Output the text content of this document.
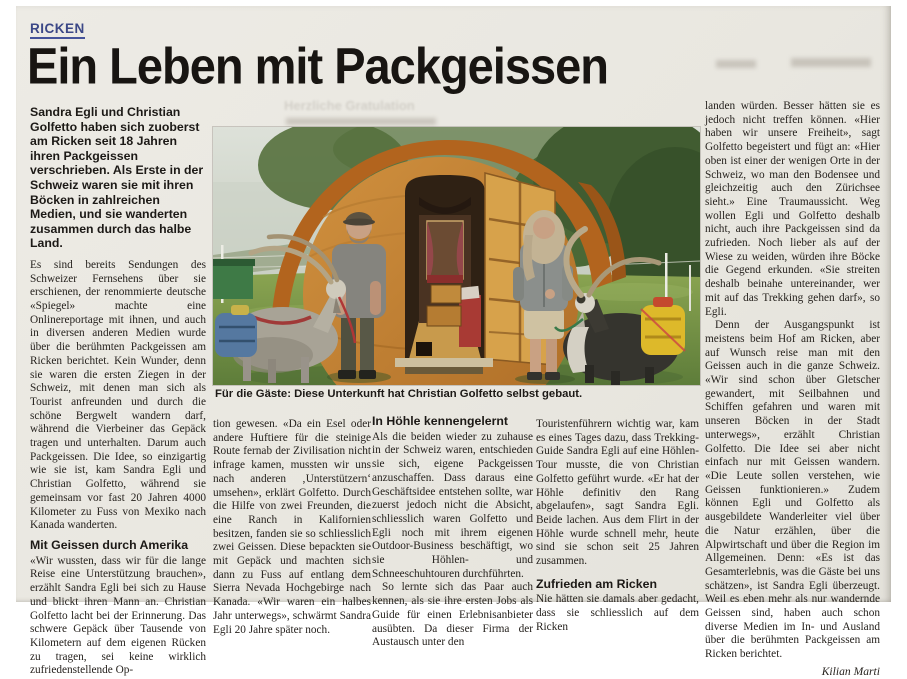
RICKEN
Ein Leben mit Packgeissen
Herzliche Gratulation
Sandra Egli und Christian Golfetto haben sich zuoberst am Ricken seit 18 Jahren ihren Packgeissen verschrieben. Als Erste in der Schweiz waren sie mit ihren Böcken in zahlreichen Medien, und sie wanderten zusammen durch das halbe Land.

Es sind bereits Sendungen des Schweizer Fernsehens über sie erschienen, der renommierte deutsche «Spiegel» machte eine Onlinereportage mit ihnen, und auch in diversen anderen Medien wurde über die berühmten Packgeissen am Ricken berichtet. Kein Wunder, denn sie waren die ersten Ziegen in der Schweiz, mit denen man sich als Tourist anfreunden und durch die schöne Bergwelt wandern darf, während die Vierbeiner das Gepäck tragen und unterhalten. Darum auch Packgeissen. Die Idee, so einzigartig wie sie ist, kam Sandra Egli und Christian Golfetto, während sie gemeinsam vor fast 20 Jahren 4000 Kilometer zu Fuss von Mexiko nach Kanada wanderten.

Mit Geissen durch Amerika

«Wir wussten, dass wir für die lange Reise eine Unterstützung brauchen», erzählt Sandra Egli bei sich zu Hause und blickt ihren Mann an. Christian Golfetto lacht bei der Erinnerung. Das schwere Gepäck über Tausende von Kilometern auf dem eigenen Rücken zu tragen, sei keine wirklich zufriedenstellende Op-

Für die Gäste: Diese Unterkunft hat Christian Golfetto selbst gebaut.

tion gewesen. «Da ein Esel oder andere Huftiere für die steinige Route fernab der Zivilisation nicht infrage kamen, mussten wir uns nach anderen ‚Unterstützern‘ umsehen», erklärt Golfetto. Durch die Hilfe von zwei Freunden, die eine Ranch in Kalifornien besitzen, fanden sie so schliesslich zwei Geissen. Diese bepackten sie mit Gepäck und machten sich dann zu Fuss auf entlang dem Sierra Nevada Hochgebirge nach Kanada. «Wir waren ein halbes Jahr unterwegs», schwärmt Sandra Egli 20 Jahre später noch.

In Höhle kennengelernt

Als die beiden wieder zu zuhause in der Schweiz waren, entschieden sie sich, eigene Packgeissen anzuschaffen. Dass daraus eine Geschäftsidee entstehen sollte, war zuerst jedoch nicht die Absicht, schliesslich waren Golfetto und Egli noch mit ihrem eigenen Outdoor-Business beschäftigt, wo sie Höhlen- und Schneeschuhtouren durchführten.

So lernte sich das Paar auch kennen, als sie ihre ersten Jobs als Guide für einen Erlebnisanbieter ausübten. Da dieser Firma der Austausch unter den

Touristenführern wichtig war, kam es eines Tages dazu, dass Trekking-Guide Sandra Egli auf eine Höhlen-Tour musste, die von Christian Golfetto geführt wurde. «Er hat der Höhle definitiv den Rang abgelaufen», sagt Sandra Egli. Beide lachen. Aus dem Flirt in der Höhle wurde schnell mehr, heute sind sie schon seit 25 Jahren zusammen.

Zufrieden am Ricken

Nie hätten sie damals aber gedacht, dass sie schliesslich auf dem Ricken

landen würden. Besser hätten sie es jedoch nicht treffen können. «Hier haben wir unsere Freiheit», sagt Golfetto begeistert und fügt an: «Hier oben ist einer der wenigen Orte in der Schweiz, wo man den Bodensee und gleichzeitig auch den Zürichsee sieht.» Eine Traumaussicht. Weg wollen Egli und Golfetto deshalb nicht, auch ihre Packgeissen sind da zufrieden. Noch lieber als auf der Wiese zu weiden, würden ihre Böcke die Gegend erkunden. «Sie streiten deshalb beinahe untereinander, wer mit auf das Trekking gehen darf», so Egli.

Denn der Ausgangspunkt ist meistens beim Hof am Ricken, aber auf Wunsch reise man mit den Geissen auch in die ganze Schweiz. «Wir sind schon über Gletscher gewandert, mit Seilbahnen und Schiffen gefahren und waren mit unseren Böcken in der Stadt unterwegs», erzählt Christian Golfetto. Die Idee sei aber nicht einfach nur mit Geissen wandern. «Die Leute sollen verstehen, wie Geissen funktionieren.» Zudem können Egli und Golfetto als ausgebildete Wanderleiter viel über die Natur erzählen, über die Alpwirtschaft und über die Region im Allgemeinen. Denn: «Es ist das Gesamterlebnis, was die Gäste bei uns schätzen», ist Sandra Egli überzeugt. Weil es eben mehr als nur wandernde Geissen sind, haben auch schon diverse Medien im In- und Ausland über die berühmten Packgeissen am Ricken berichtet.

Kilian Marti
